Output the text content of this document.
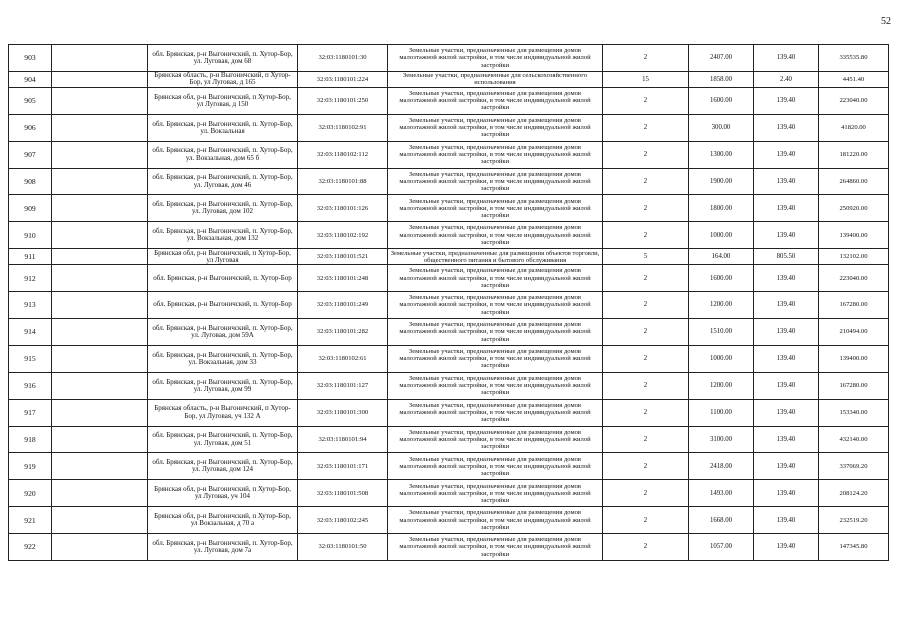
52
903		обл. Брянская, р-н Выгоничский, п. Хутор-Бор, ул. Луговая, дом 68	32:03:1180101:30	Земельные участки, предназначенные для размещения домов малоэтажной жилой застройки, в том числе индивидуальной жилой застройки	2	2407.00	139.40	335535.80
904		Брянская область, р-н Выгоничский, п Хутор-Бор, ул Луговая, д 165	32:03:1180101:224	Земельные участки, предназначенные для сельскохозяйственного использования	15	1858.00	2.40	4451.40
905		Брянская обл, р-н Выгоничский, п Хутор-Бор, ул Луговая, д 150	32:03:1180101:250	Земельные участки, предназначенные для размещения домов малоэтажной жилой застройки, в том числе индивидуальной жилой застройки	2	1600.00	139.40	223040.00
906		обл. Брянская, р-н Выгоничский, п. Хутор-Бор, ул. Вокзальная	32:03:1180102:91	Земельные участки, предназначенные для размещения домов малоэтажной жилой застройки, в том числе индивидуальной жилой застройки	2	300.00	139.40	41820.00
907		обл. Брянская, р-н Выгоничский, п. Хутор-Бор, ул. Вокзальная, дом 65 б	32:03:1180102:112	Земельные участки, предназначенные для размещения домов малоэтажной жилой застройки, в том числе индивидуальной жилой застройки	2	1300.00	139.40	181220.00
908		обл. Брянская, р-н Выгоничский, п. Хутор-Бор, ул. Луговая, дом 46	32:03:1180101:88	Земельные участки, предназначенные для размещения домов малоэтажной жилой застройки, в том числе индивидуальной жилой застройки	2	1900.00	139.40	264860.00
909		обл. Брянская, р-н Выгоничский, п. Хутор-Бор, ул. Луговая, дом 102	32:03:1180101:126	Земельные участки, предназначенные для размещения домов малоэтажной жилой застройки, в том числе индивидуальной жилой застройки	2	1800.00	139.40	250920.00
910		обл. Брянская, р-н Выгоничский, п. Хутор-Бор, ул. Вокзальная, дом 132	32:03:1180102:192	Земельные участки, предназначенные для размещения домов малоэтажной жилой застройки, в том числе индивидуальной жилой застройки	2	1000.00	139.40	139400.00
911		Брянская обл, р-н Выгоничский, п Хутор-Бор, ул Луговая	32:03:1180101:521	Земельные участки, предназначенные для размещения объектов торговли, общественного питания и бытового обслуживания	5	164.00	805.50	132102.00
912		обл. Брянская, р-н Выгоничский, п. Хутор-Бор	32:03:1180101:248	Земельные участки, предназначенные для размещения домов малоэтажной жилой застройки, в том числе индивидуальной жилой застройки	2	1600.00	139.40	223040.00
913		обл. Брянская, р-н Выгоничский, п. Хутор-Бор	32:03:1180101:249	Земельные участки, предназначенные для размещения домов малоэтажной жилой застройки, в том числе индивидуальной жилой застройки	2	1200.00	139.40	167280.00
914		обл. Брянская, р-н Выгоничский, п. Хутор-Бор, ул. Луговая, дом 59А	32:03:1180101:282	Земельные участки, предназначенные для размещения домов малоэтажной жилой застройки, в том числе индивидуальной жилой застройки	2	1510.00	139.40	210494.00
915		обл. Брянская, р-н Выгоничский, п. Хутор-Бор, ул. Вокзальная, дом 33	32:03:1180102:61	Земельные участки, предназначенные для размещения домов малоэтажной жилой застройки, в том числе индивидуальной жилой застройки	2	1000.00	139.40	139400.00
916		обл. Брянская, р-н Выгоничский, п. Хутор-Бор, ул. Луговая, дом 99	32:03:1180101:127	Земельные участки, предназначенные для размещения домов малоэтажной жилой застройки, в том числе индивидуальной жилой застройки	2	1200.00	139.40	167280.00
917		Брянская область, р-н Выгоничский, п Хутор-Бор, ул Луговая, уч 132 А	32:03:1180101:300	Земельные участки, предназначенные для размещения домов малоэтажной жилой застройки, в том числе индивидуальной жилой застройки	2	1100.00	139.40	153340.00
918		обл. Брянская, р-н Выгоничский, п. Хутор-Бор, ул. Луговая, дом 51	32:03:1180101:94	Земельные участки, предназначенные для размещения домов малоэтажной жилой застройки, в том числе индивидуальной жилой застройки	2	3100.00	139.40	432140.00
919		обл. Брянская, р-н Выгоничский, п. Хутор-Бор, ул. Луговая, дом 124	32:03:1180101:171	Земельные участки, предназначенные для размещения домов малоэтажной жилой застройки, в том числе индивидуальной жилой застройки	2	2418.00	139.40	337069.20
920		Брянская обл, р-н Выгоничский, п Хутор-Бор, ул Луговая, уч 104	32:03:1180101:508	Земельные участки, предназначенные для размещения домов малоэтажной жилой застройки, в том числе индивидуальной жилой застройки	2	1493.00	139.40	208124.20
921		Брянская обл, р-н Выгоничский, п Хутор-Бор, ул Вокзальная, д 70 а	32:03:1180102:245	Земельные участки, предназначенные для размещения домов малоэтажной жилой застройки, в том числе индивидуальной жилой застройки	2	1668.00	139.40	232519.20
922		обл. Брянская, р-н Выгоничский, п. Хутор-Бор, ул. Луговая, дом 7а	32:03:1180101:50	Земельные участки, предназначенные для размещения домов малоэтажной жилой застройки, в том числе индивидуальной жилой застройки	2	1057.00	139.40	147345.80
